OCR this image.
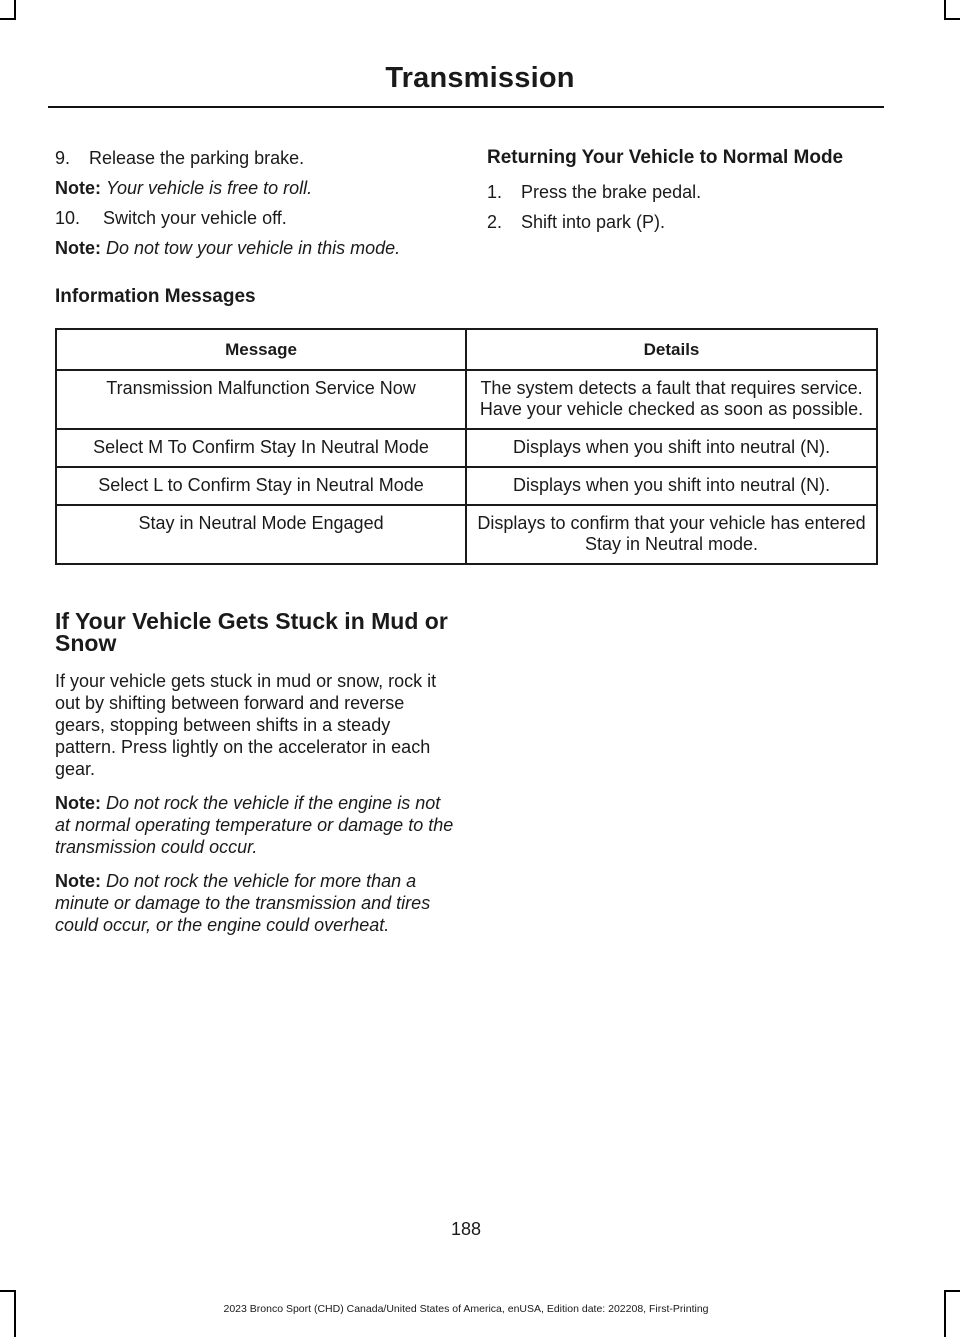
Transmission
9.	Release the parking brake.

Note: Your vehicle is free to roll.

10.	Switch your vehicle off.

Note: Do not tow your vehicle in this mode.

Returning Your Vehicle to Normal Mode
1.	Press the brake pedal.
2.	Shift into park (P).
Information Messages
Message	Details
Transmission Malfunction Service Now	The system detects a fault that requires service. Have your vehicle checked as soon as possible.
Select M To Confirm Stay In Neutral Mode	Displays when you shift into neutral (N).
Select L to Confirm Stay in Neutral Mode	Displays when you shift into neutral (N).
Stay in Neutral Mode Engaged	Displays to confirm that your vehicle has entered Stay in Neutral mode.
If Your Vehicle Gets Stuck in Mud or Snow

If your vehicle gets stuck in mud or snow, rock it out by shifting between forward and reverse gears, stopping between shifts in a steady pattern. Press lightly on the accelerator in each gear.

Note: Do not rock the vehicle if the engine is not at normal operating temperature or damage to the transmission could occur.

Note: Do not rock the vehicle for more than a minute or damage to the transmission and tires could occur, or the engine could overheat.

188
2023 Bronco Sport (CHD) Canada/United States of America, enUSA, Edition date: 202208, First-Printing
